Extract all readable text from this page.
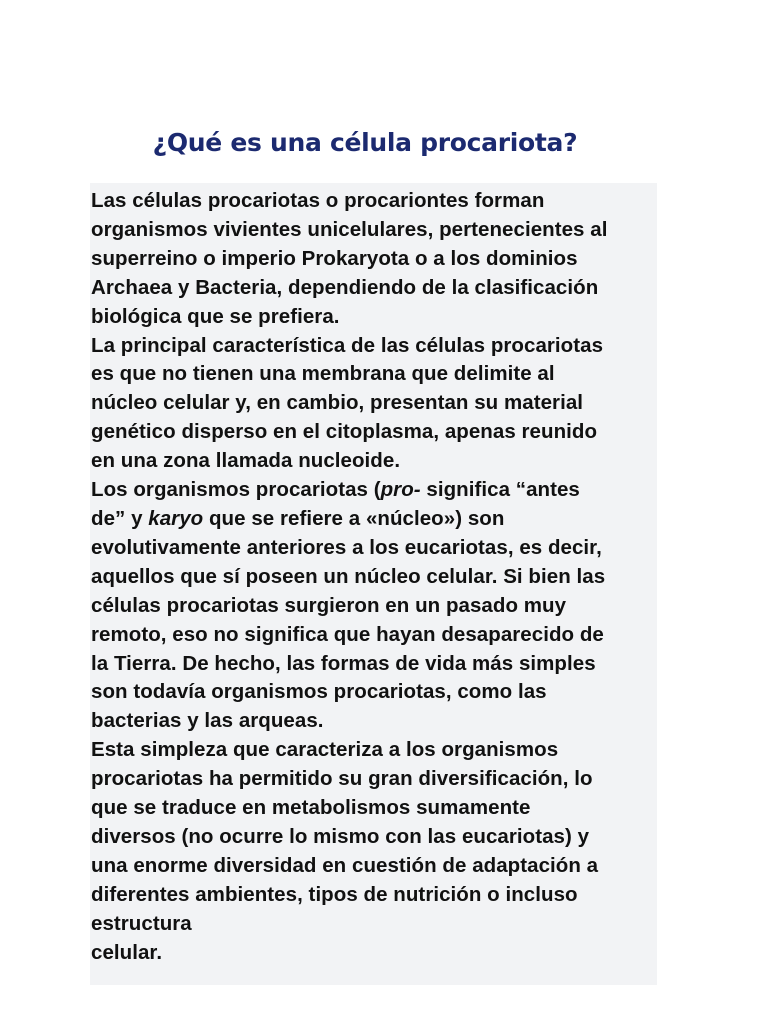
¿Qué es una célula procariota?

Las células procariotas o procariontes forman
organismos vivientes unicelulares, pertenecientes al
superreino o imperio Prokaryota o a los dominios
Archaea y Bacteria, dependiendo de la clasificación
biológica que se prefiera.

La principal característica de las células procariotas
es que no tienen una membrana que delimite al
núcleo celular y, en cambio, presentan su material
genético disperso en el citoplasma, apenas reunido
en una zona llamada nucleoide.

Los organismos procariotas (pro- significa “antes
de” y karyo que se refiere a «núcleo») son
evolutivamente anteriores a los eucariotas, es decir,
aquellos que sí poseen un núcleo celular. Si bien las
células procariotas surgieron en un pasado muy
remoto, eso no significa que hayan desaparecido de
la Tierra. De hecho, las formas de vida más simples
son todavía organismos procariotas, como las
bacterias y las arqueas.

Esta simpleza que caracteriza a los organismos
procariotas ha permitido su gran diversificación, lo
que se traduce en metabolismos sumamente
diversos (no ocurre lo mismo con las eucariotas) y
una enorme diversidad en cuestión de adaptación a
diferentes ambientes, tipos de nutrición o incluso
estructura
celular.
